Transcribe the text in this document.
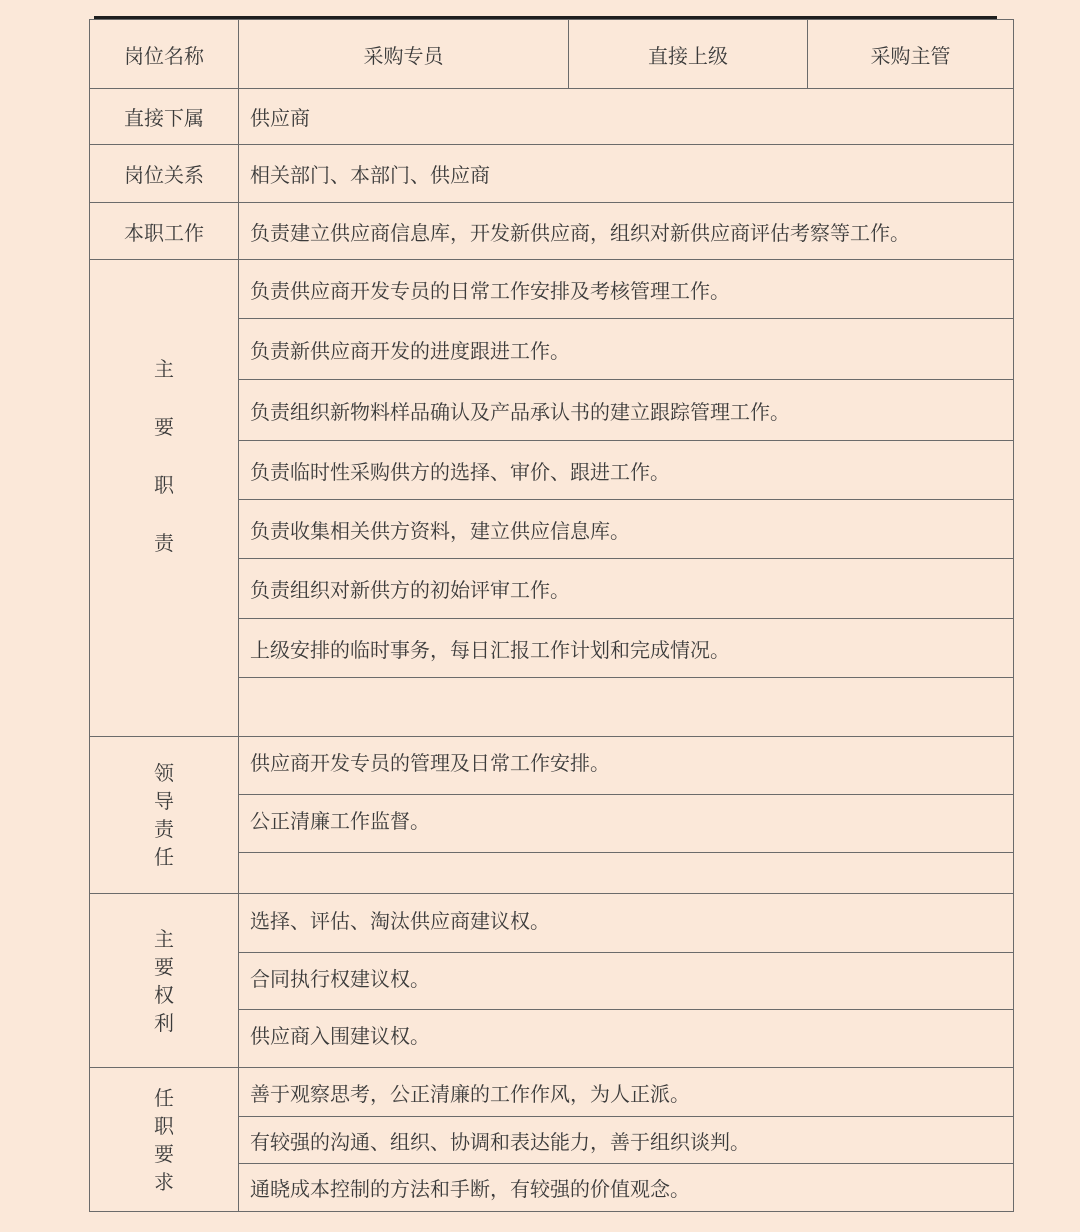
岗位名称	采购专员	直接上级	采购主管
直接下属	供应商		
岗位关系	相关部门、本部门、供应商		
本职工作	负责建立供应商信息库，开发新供应商，组织对新供应商评估考察等工作。		

主
要
职
责	负责供应商开发专员的日常工作安排及考核管理工作。		
	负责新供应商开发的进度跟进工作。		
	负责组织新物料样品确认及产品承认书的建立跟踪管理工作。		
	负责临时性采购供方的选择、审价、跟进工作。		
	负责收集相关供方资料，建立供应信息库。		
	负责组织对新供方的初始评审工作。		
	上级安排的临时事务，每日汇报工作计划和完成情况。		

领
导
责
任	供应商开发专员的管理及日常工作安排。		
	公正清廉工作监督。		

主
要
权
利	选择、评估、淘汰供应商建议权。		
	合同执行权建议权。		
	供应商入围建议权。		

任
职
要
求	善于观察思考，公正清廉的工作作风，为人正派。		
	有较强的沟通、组织、协调和表达能力，善于组织谈判。		
	通晓成本控制的方法和手断，有较强的价值观念。		
